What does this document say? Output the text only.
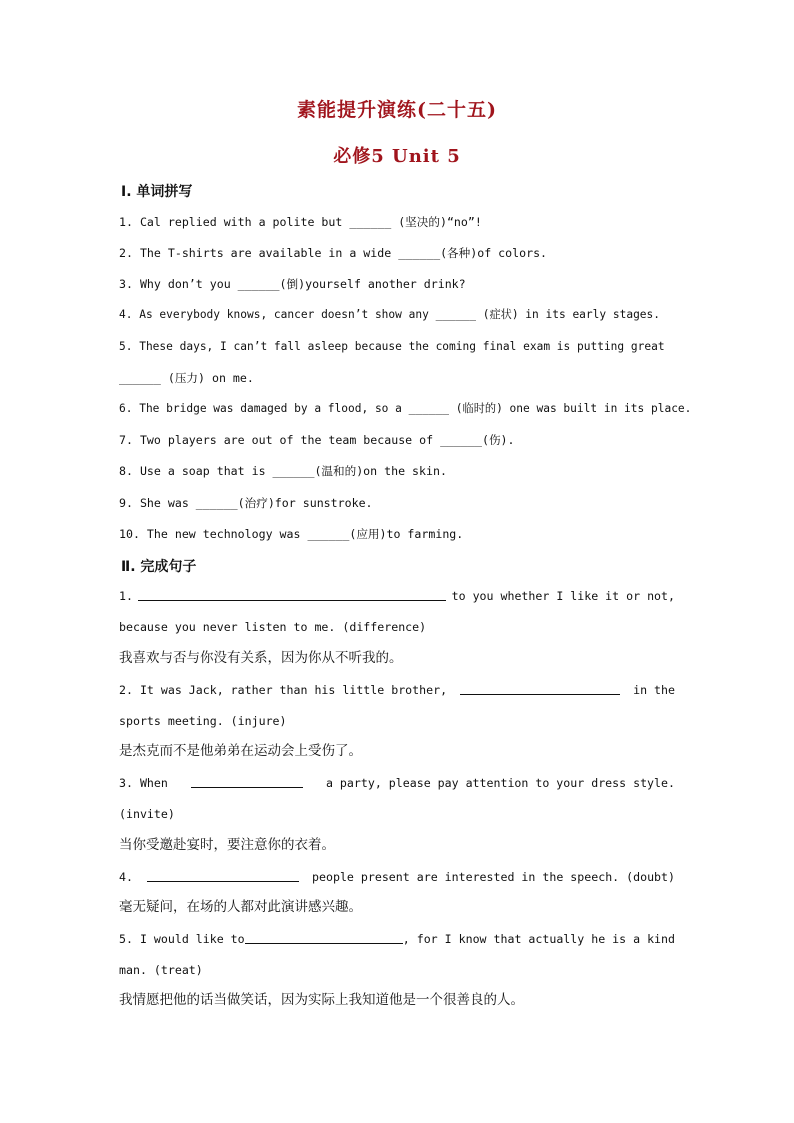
素能提升演练(二十五)
必修5 Unit 5
Ⅰ. 单词拼写
1. Cal replied with a polite but ______ (坚决的)“no”!
2. The T-shirts are available in a wide ______(各种)of colors.
3. Why don’t you ______(倒)yourself another drink?
4. As everybody knows, cancer doesn’t show any ______ (症状) in its early stages.
5. These days, I can’t fall asleep because the coming final exam is putting great
______ (压力) on me.
6. The bridge was damaged by a flood, so a ______ (临时的) one was built in its place.
7. Two players are out of the team because of ______(伤).
8. Use a soap that is ______(温和的)on the skin.
9. She was ______(治疗)for sunstroke.
10. The new technology was ______(应用)to farming.
Ⅱ. 完成句子
1.	to you whether I like it or not,
because you never listen to me. (difference)
我喜欢与否与你没有关系，因为你从不听我的。
2. It was Jack, rather than his little brother,	in the
sports meeting. (injure)
是杰克而不是他弟弟在运动会上受伤了。
3. When	a party, please pay attention to your dress style.
(invite)
当你受邀赴宴时，要注意你的衣着。
4.	people present are interested in the speech. (doubt)
毫无疑问，在场的人都对此演讲感兴趣。
5. I would like to	, for I know that actually he is a kind
man. (treat)
我情愿把他的话当做笑话，因为实际上我知道他是一个很善良的人。
